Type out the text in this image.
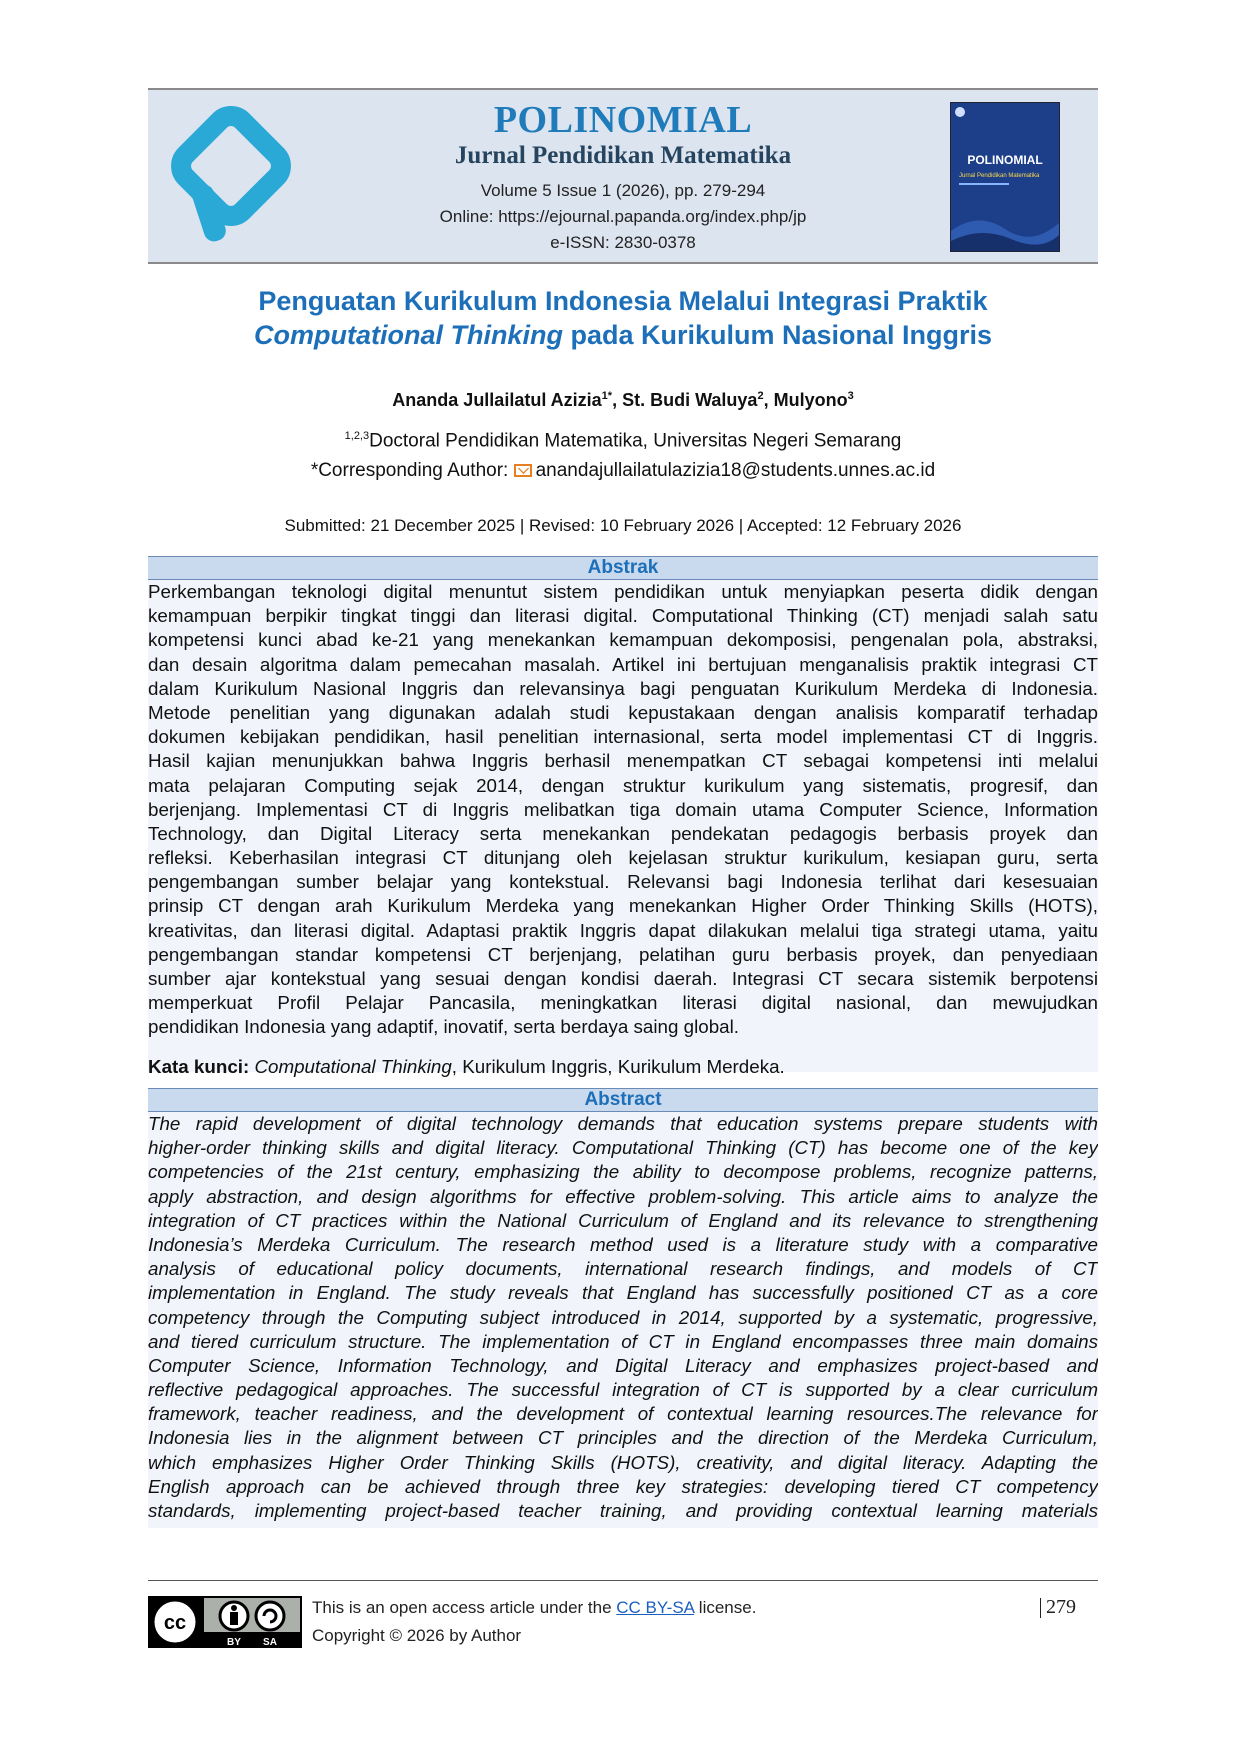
POLINOMIAL
Jurnal Pendidikan Matematika
Volume 5 Issue 1 (2026), pp. 279-294
Online: https://ejournal.papanda.org/index.php/jp
e-ISSN: 2830-0378
POLINOMIAL
Jurnal Pendidikan Matematika
Penguatan Kurikulum Indonesia Melalui Integrasi Praktik
Computational Thinking pada Kurikulum Nasional Inggris
Ananda Jullailatul Azizia$^{1*}$, St. Budi Waluya$^2$, Mulyono$^3$
$^{1,2,3}$Doctoral Pendidikan Matematika, Universitas Negeri Semarang
*Corresponding Author: anandajullailatulazizia18@students.unnes.ac.id
Submitted: 21 December 2025 | Revised: 10 February 2026 | Accepted: 12 February 2026
Abstrak
Perkembangan teknologi digital menuntut sistem pendidikan untuk menyiapkan peserta didik dengan
kemampuan berpikir tingkat tinggi dan literasi digital. Computational Thinking (CT) menjadi salah satu
kompetensi kunci abad ke-21 yang menekankan kemampuan dekomposisi, pengenalan pola, abstraksi,
dan desain algoritma dalam pemecahan masalah. Artikel ini bertujuan menganalisis praktik integrasi CT
dalam Kurikulum Nasional Inggris dan relevansinya bagi penguatan Kurikulum Merdeka di Indonesia.
Metode penelitian yang digunakan adalah studi kepustakaan dengan analisis komparatif terhadap
dokumen kebijakan pendidikan, hasil penelitian internasional, serta model implementasi CT di Inggris.
Hasil kajian menunjukkan bahwa Inggris berhasil menempatkan CT sebagai kompetensi inti melalui
mata pelajaran Computing sejak 2014, dengan struktur kurikulum yang sistematis, progresif, dan
berjenjang. Implementasi CT di Inggris melibatkan tiga domain utama Computer Science, Information
Technology, dan Digital Literacy serta menekankan pendekatan pedagogis berbasis proyek dan
refleksi. Keberhasilan integrasi CT ditunjang oleh kejelasan struktur kurikulum, kesiapan guru, serta
pengembangan sumber belajar yang kontekstual. Relevansi bagi Indonesia terlihat dari kesesuaian
prinsip CT dengan arah Kurikulum Merdeka yang menekankan Higher Order Thinking Skills (HOTS),
kreativitas, dan literasi digital. Adaptasi praktik Inggris dapat dilakukan melalui tiga strategi utama, yaitu
pengembangan standar kompetensi CT berjenjang, pelatihan guru berbasis proyek, dan penyediaan
sumber ajar kontekstual yang sesuai dengan kondisi daerah. Integrasi CT secara sistemik berpotensi
memperkuat Profil Pelajar Pancasila, meningkatkan literasi digital nasional, dan mewujudkan
pendidikan Indonesia yang adaptif, inovatif, serta berdaya saing global.
Kata kunci: Computational Thinking, Kurikulum Inggris, Kurikulum Merdeka.
Abstract
The rapid development of digital technology demands that education systems prepare students with
higher-order thinking skills and digital literacy. Computational Thinking (CT) has become one of the key
competencies of the 21st century, emphasizing the ability to decompose problems, recognize patterns,
apply abstraction, and design algorithms for effective problem-solving. This article aims to analyze the
integration of CT practices within the National Curriculum of England and its relevance to strengthening
Indonesia’s Merdeka Curriculum. The research method used is a literature study with a comparative
analysis of educational policy documents, international research findings, and models of CT
implementation in England. The study reveals that England has successfully positioned CT as a core
competency through the Computing subject introduced in 2014, supported by a systematic, progressive,
and tiered curriculum structure. The implementation of CT in England encompasses three main domains
Computer Science, Information Technology, and Digital Literacy and emphasizes project-based and
reflective pedagogical approaches. The successful integration of CT is supported by a clear curriculum
framework, teacher readiness, and the development of contextual learning resources.The relevance for
Indonesia lies in the alignment between CT principles and the direction of the Merdeka Curriculum,
which emphasizes Higher Order Thinking Skills (HOTS), creativity, and digital literacy. Adapting the
English approach can be achieved through three key strategies: developing tiered CT competency
standards, implementing project-based teacher training, and providing contextual learning materials
cc
BY SA
This is an open access article under the CC BY-SA license.
Copyright © 2026 by Author
279
